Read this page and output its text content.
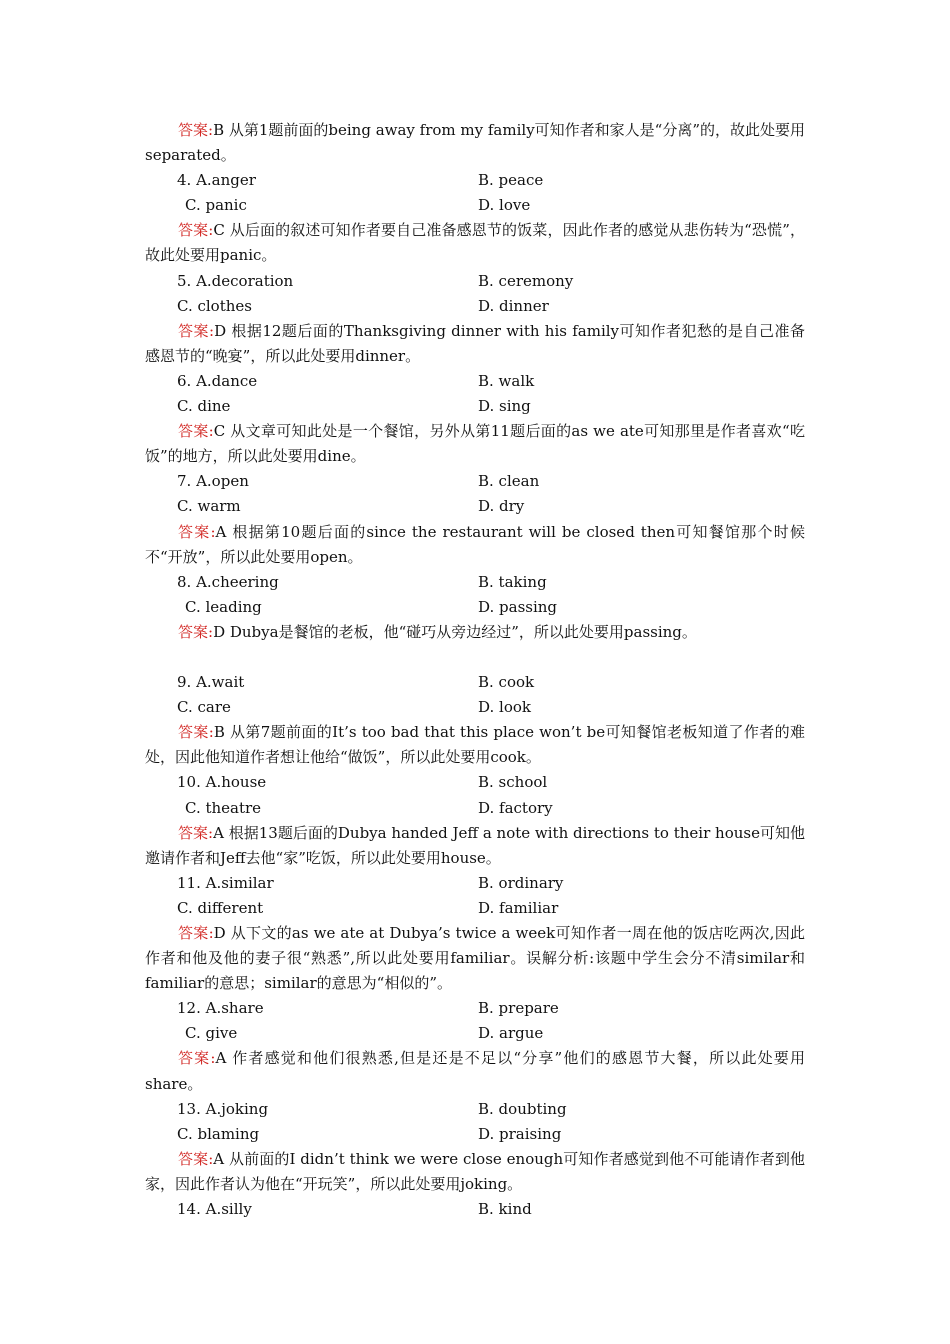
答案:B 从第1题前面的being away from my family可知作者和家人是“分离”的，故此处要用separated。
4. A.anger	B. peace
C. panic	D. love
答案:C 从后面的叙述可知作者要自己准备感恩节的饭菜，因此作者的感觉从悲伤转为“恐慌”，故此处要用panic。
5. A.decoration	B. ceremony
C. clothes	D. dinner
答案:D 根据12题后面的Thanksgiving dinner with his family可知作者犯愁的是自己准备感恩节的“晚宴”，所以此处要用dinner。
6. A.dance	B. walk
C. dine	D. sing
答案:C 从文章可知此处是一个餐馆，另外从第11题后面的as we ate可知那里是作者喜欢“吃饭”的地方，所以此处要用dine。
7. A.open	B. clean
C. warm	D. dry
答案:A 根据第10题后面的since the restaurant will be closed then可知餐馆那个时候不“开放”，所以此处要用open。
8. A.cheering	B. taking
C. leading	D. passing
答案:D Dubya是餐馆的老板，他“碰巧从旁边经过”，所以此处要用passing。
9. A.wait	B. cook
C. care	D. look
答案:B 从第7题前面的It’s too bad that this place won’t be可知餐馆老板知道了作者的难处，因此他知道作者想让他给“做饭”，所以此处要用cook。
10. A.house	B. school
C. theatre	D. factory
答案:A 根据13题后面的Dubya handed Jeff a note with directions to their house可知他邀请作者和Jeff去他“家”吃饭，所以此处要用house。
11. A.similar	B. ordinary
C. different	D. familiar
答案:D 从下文的as we ate at Dubya’s twice a week可知作者一周在他的饭店吃两次,因此作者和他及他的妻子很“熟悉”,所以此处要用familiar。误解分析:该题中学生会分不清similar和familiar的意思；similar的意思为“相似的”。
12. A.share	B. prepare
C. give	D. argue
答案:A 作者感觉和他们很熟悉,但是还是不足以“分享”他们的感恩节大餐，所以此处要用share。
13. A.joking	B. doubting
C. blaming	D. praising
答案:A 从前面的I didn’t think we were close enough可知作者感觉到他不可能请作者到他家，因此作者认为他在“开玩笑”，所以此处要用joking。
14. A.silly	B. kind
